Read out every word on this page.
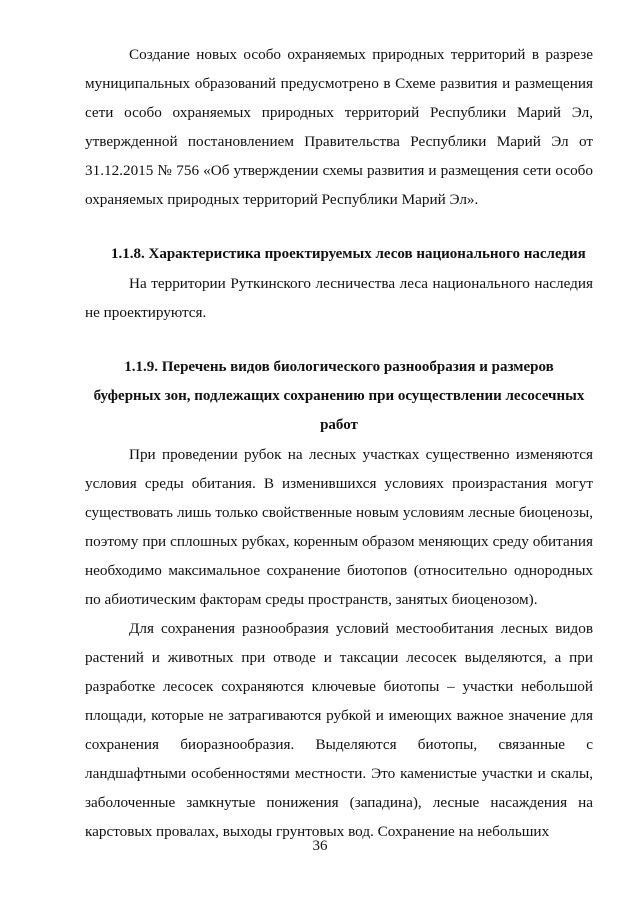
Создание новых особо охраняемых природных территорий в разрезе муниципальных образований предусмотрено в Схеме развития и размещения сети особо охраняемых природных территорий Республики Марий Эл, утвержденной постановлением Правительства Республики Марий Эл от 31.12.2015 № 756 «Об утверждении схемы развития и размещения сети особо охраняемых природных территорий Республики Марий Эл».

1.1.8. Характеристика проектируемых лесов национального наследия

На территории Руткинского лесничества леса национального наследия не проектируются.

1.1.9. Перечень видов биологического разнообразия и размеров буферных зон, подлежащих сохранению при осуществлении лесосечных работ

При проведении рубок на лесных участках существенно изменяются условия среды обитания. В изменившихся условиях произрастания могут существовать лишь только свойственные новым условиям лесные биоценозы, поэтому при сплошных рубках, коренным образом меняющих среду обитания необходимо максимальное сохранение биотопов (относительно однородных по абиотическим факторам среды пространств, занятых биоценозом).

Для сохранения разнообразия условий местообитания лесных видов растений и животных при отводе и таксации лесосек выделяются, а при разработке лесосек сохраняются ключевые биотопы – участки небольшой площади, которые не затрагиваются рубкой и имеющих важное значение для сохранения биоразнообразия. Выделяются биотопы, связанные с ландшафтными особенностями местности. Это каменистые участки и скалы, заболоченные замкнутые понижения (западина), лесные насаждения на карстовых провалах, выходы грунтовых вод. Сохранение на небольших

36
